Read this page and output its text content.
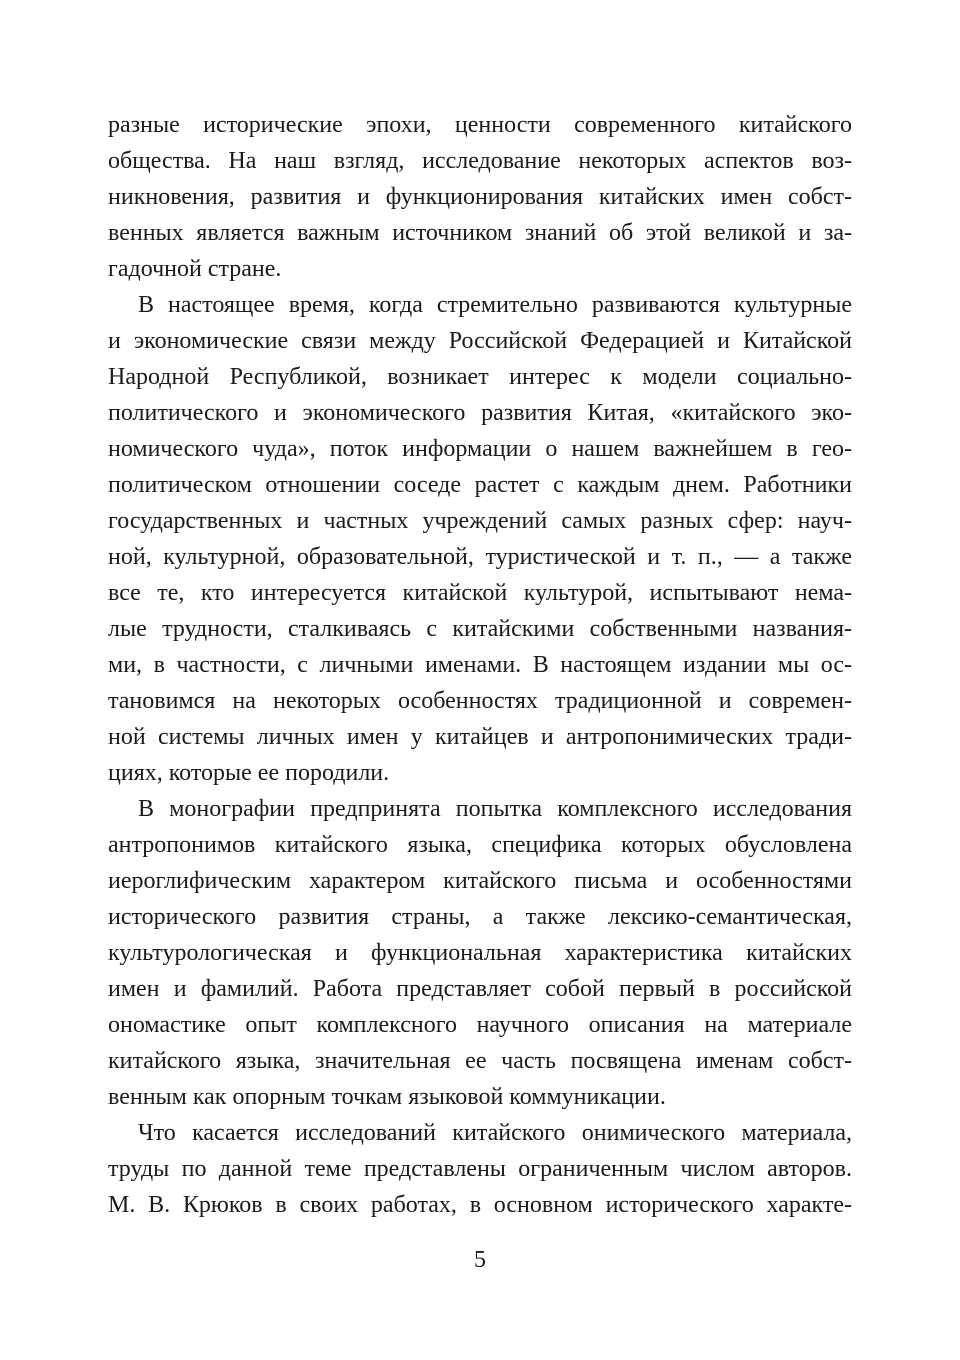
разные исторические эпохи, ценности современного китайского
общества. На наш взгляд, исследование некоторых аспектов воз-
никновения, развития и функционирования китайских имен собст-
венных является важным источником знаний об этой великой и за-
гадочной стране.
В настоящее время, когда стремительно развиваются культурные
и экономические связи между Российской Федерацией и Китайской
Народной Республикой, возникает интерес к модели социально-
политического и экономического развития Китая, «китайского эко-
номического чуда», поток информации о нашем важнейшем в гео-
политическом отношении соседе растет с каждым днем. Работники
государственных и частных учреждений самых разных сфер: науч-
ной, культурной, образовательной, туристической и т. п., — а также
все те, кто интересуется китайской культурой, испытывают нема-
лые трудности, сталкиваясь с китайскими собственными названия-
ми, в частности, с личными именами. В настоящем издании мы ос-
тановимся на некоторых особенностях традиционной и современ-
ной системы личных имен у китайцев и антропонимических тради-
циях, которые ее породили.
В монографии предпринята попытка комплексного исследования
антропонимов китайского языка, специфика которых обусловлена
иероглифическим характером китайского письма и особенностями
исторического развития страны, а также лексико-семантическая,
культурологическая и функциональная характеристика китайских
имен и фамилий. Работа представляет собой первый в российской
ономастике опыт комплексного научного описания на материале
китайского языка, значительная ее часть посвящена именам собст-
венным как опорным точкам языковой коммуникации.
Что касается исследований китайского онимического материала,
труды по данной теме представлены ограниченным числом авторов.
М. В. Крюков в своих работах, в основном исторического характе-
5
